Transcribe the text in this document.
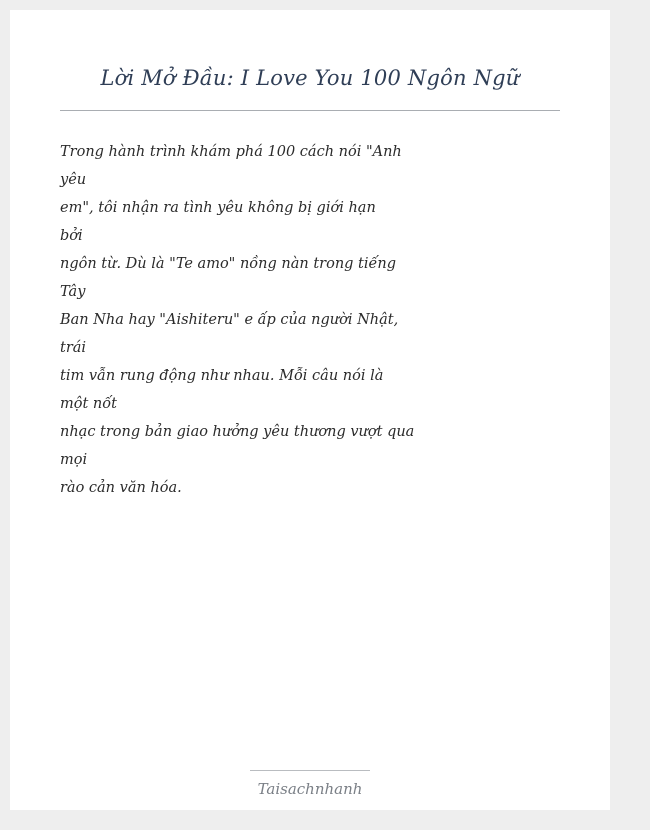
Lời Mở Đầu: I Love You 100 Ngôn Ngữ
Trong hành trình khám phá 100 cách nói "Anh
yêu
em", tôi nhận ra tình yêu không bị giới hạn
bởi
ngôn từ. Dù là "Te amo" nồng nàn trong tiếng
Tây
Ban Nha hay "Aishiteru" e ấp của người Nhật,
trái
tim vẫn rung động như nhau. Mỗi câu nói là
một nốt
nhạc trong bản giao hưởng yêu thương vượt qua
mọi
rào cản văn hóa.
Taisachnhanh
